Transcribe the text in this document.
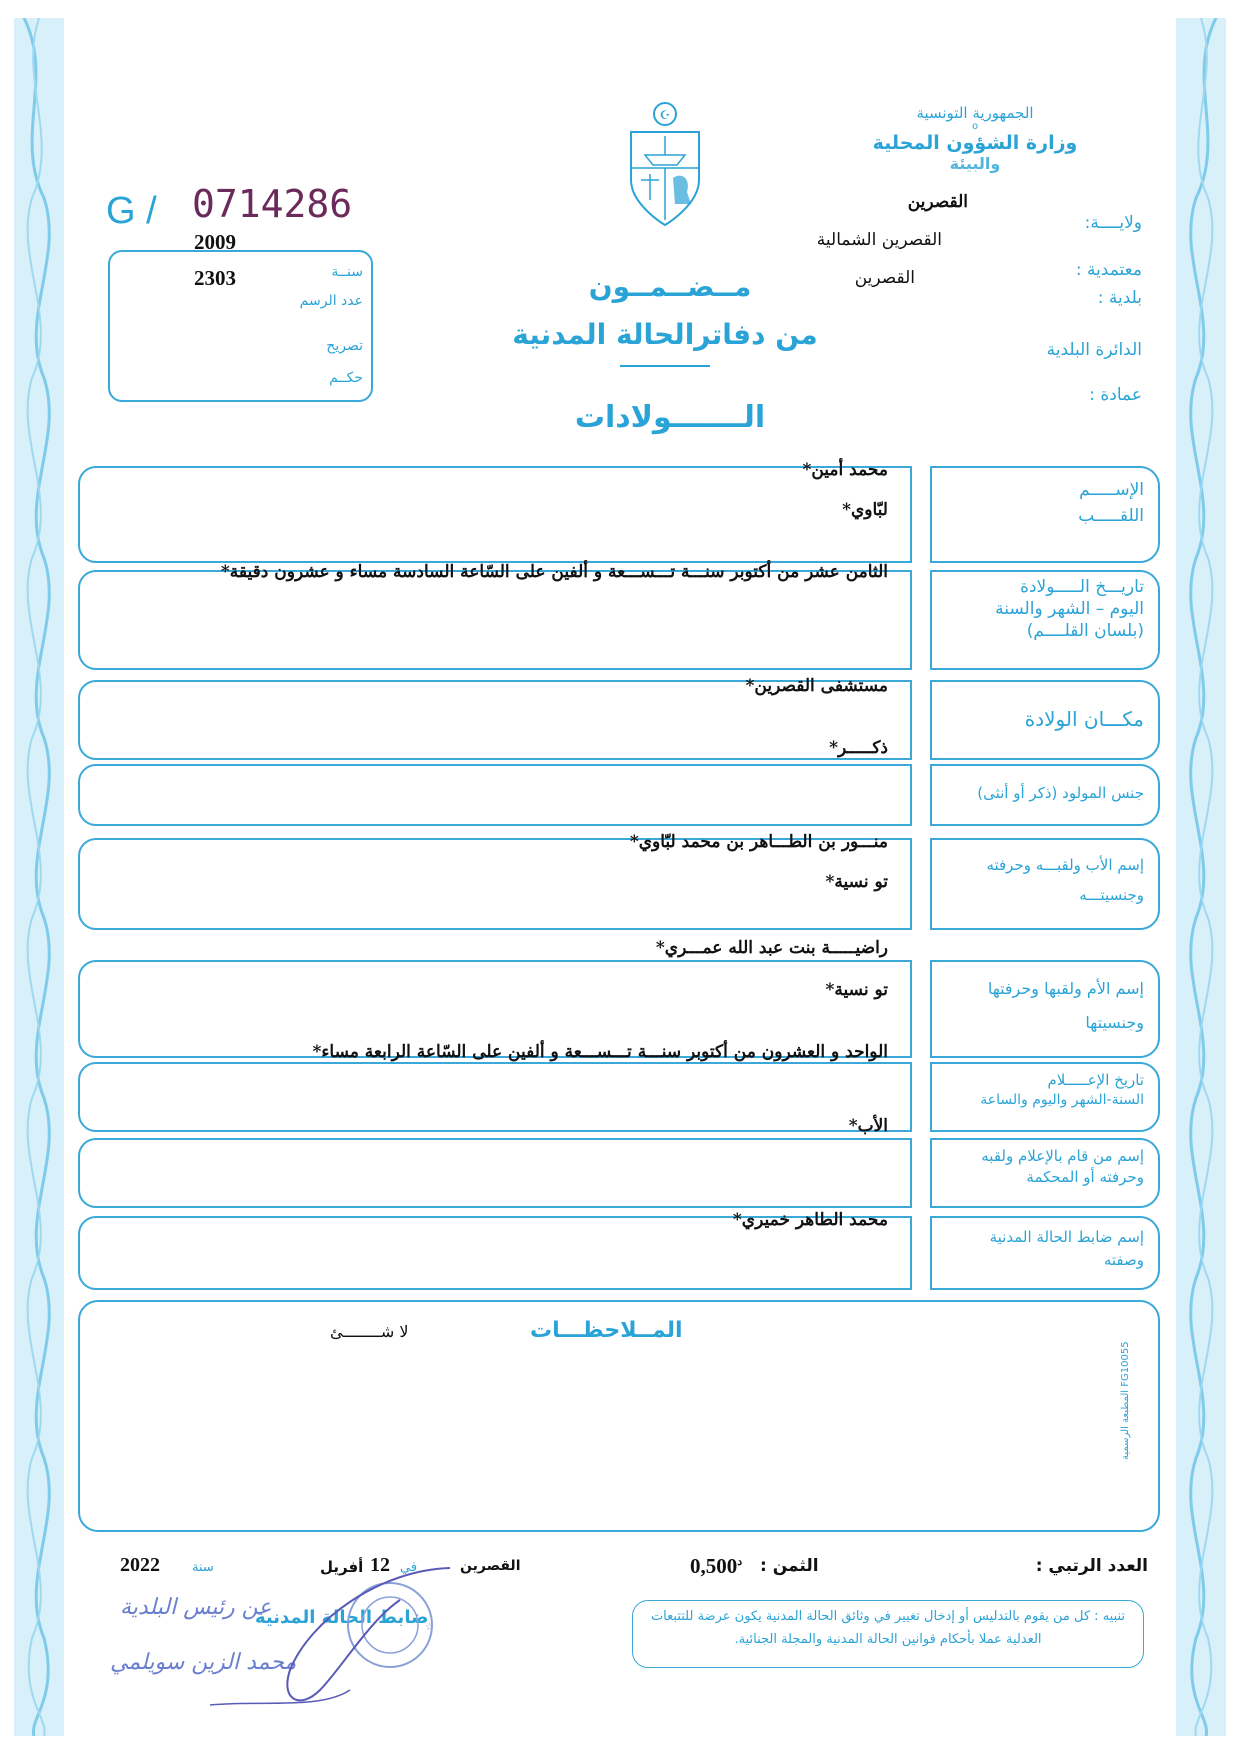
الجمهورية التونسية
o
وزارة الشؤون المحلية
والبيئة
القصرين
ولايــــة:
القصرين الشمالية
معتمدية :
القصرين
بلدية :
الدائرة البلدية
عمادة :
☪
G / 0714286
2009
2303	سنــة
عدد الرسم
تصريح
حكــم
مــضــمــون
من دفاترالحالة المدنية
الـــــــولادات
الإســـــم
اللقـــــب
محمد أمين*
لبّاوي*
تاريـــخ الـــــولادة
اليوم – الشهر والسنة
(بلسان القلــــم)
الثامن عشر من أكتوبر سنـــة تـــســـعة و ألفين على السّاعة السادسة مساء و عشرون دقيقة*
مكـــان الولادة
مستشفى القصرين*
ذكـــــر*
جنس المولود (ذكر أو أنثى)
إسم الأب ولقبـــه وحرفته
وجنسيتـــه
منـــور بن الطـــاهر بن محمد لبّاوي*
تو نسية*
إسم الأم ولقبها وحرفتها
وجنسيتها
راضيـــــة بنت عبد الله عمـــري*
تو نسية*
تاريخ الإعـــــلام
السنة-الشهر واليوم والساعة
الواحد و العشرون من أكتوبر سنـــة تـــســـعة و ألفين على السّاعة الرابعة مساء*
الأب*
إسم من قام بالإعلام ولقبه
وحرفته أو المحكمة
إسم ضابط الحالة المدنية
وصفته
محمد الطاهر خميري*
المــلاحظـــات
لا شــــــــئ
المطبعة الرسمية FG10055
العدد الرتبي :
الثمن :
$0,500^د$
القصرين
في
12
أفريل
سنة
2022
عن رئيس البلدية
ضابط الحالة المدنية
محمد الزين سويلمي
☆
تنبيه : كل من يقوم بالتدليس أو إدخال تغيير في وثائق الحالة المدنية يكون عرضة للتتبعات العدلية عملا بأحكام قوانين الحالة المدنية والمجلة الجنائية.
